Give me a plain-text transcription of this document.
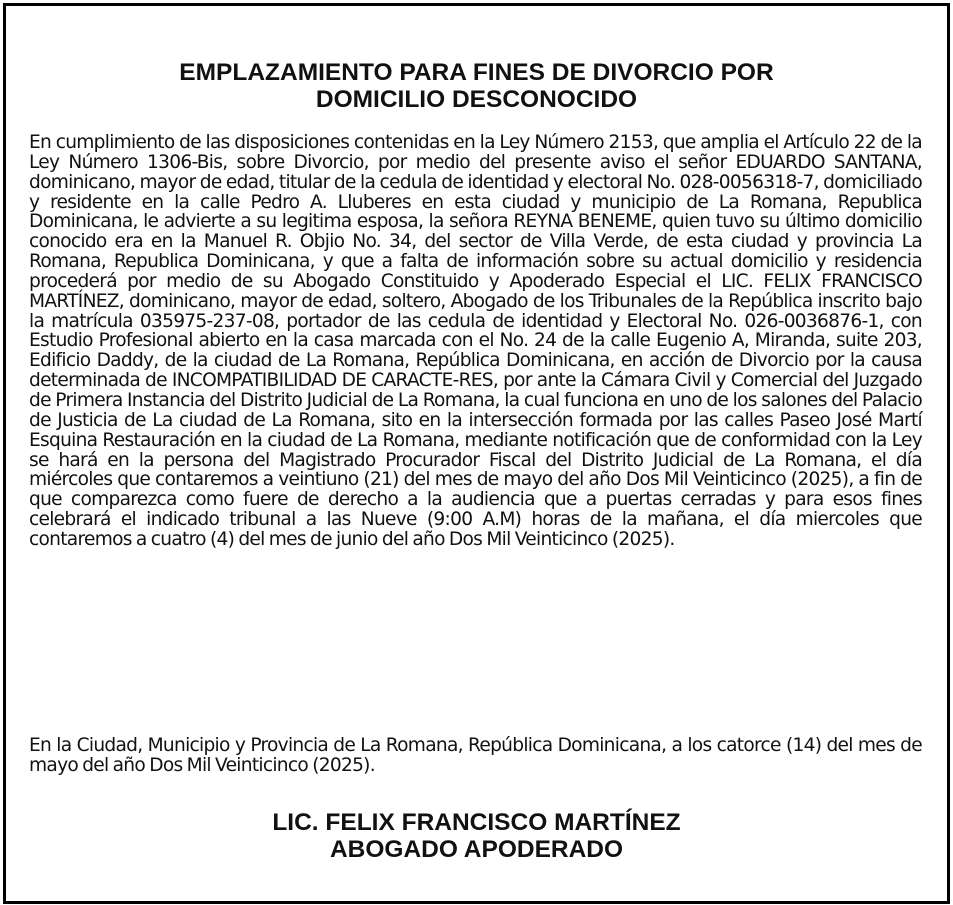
EMPLAZAMIENTO PARA FINES DE DIVORCIO POR
DOMICILIO DESCONOCIDO

En cumplimiento de las disposiciones contenidas en la Ley Número 2153, que amplia el Artículo 22 de la Ley Número 1306-Bis, sobre Divorcio, por medio del presente aviso el señor EDUARDO SANTANA, dominicano, mayor de edad, titular de la cedula de identidad y electoral No. 028-0056318-7, domiciliado y residente en la calle Pedro A. Lluberes en esta ciudad y municipio de La Romana, Republica Dominicana, le advierte a su legitima esposa, la señora REYNA BENEME, quien tuvo su último domicilio conocido era en la Manuel R. Objio No. 34, del sector de Villa Verde, de esta ciudad y provincia La Romana, Republica Dominicana, y que a falta de información sobre su actual domicilio y residencia procederá por medio de su Abogado Constituido y Apoderado Especial el LIC. FELIX FRANCISCO MARTÍNEZ, dominicano, mayor de edad, soltero, Abogado de los Tribunales de la República inscrito bajo la matrícula 035975-237-08, portador de las cedula de identidad y Electoral No. 026-0036876-1, con Estudio Profesional abierto en la casa marcada con el No. 24 de la calle Eugenio A, Miranda, suite 203, Edificio Daddy, de la ciudad de La Romana, República Dominicana, en acción de Divorcio por la causa determinada de INCOMPATIBILIDAD DE CARACTE-RES, por ante la Cámara Civil y Comercial del Juzgado de Primera Instancia del Distrito Judicial de La Romana, la cual funciona en uno de los salones del Palacio de Justicia de La ciudad de La Romana, sito en la intersección formada por las calles Paseo José Martí Esquina Restauración en la ciudad de La Romana, mediante notificación que de conformidad con la Ley se hará en la persona del Magistrado Procurador Fiscal del Distrito Judicial de La Romana, el día miércoles que contaremos a veintiuno (21) del mes de mayo del año Dos Mil Veinticinco (2025), a fin de que comparezca como fuere de derecho a la audiencia que a puertas cerradas y para esos fines celebrará el indicado tribunal a las Nueve (9:00 A.M) horas de la mañana, el día miercoles que contaremos a cuatro (4) del mes de junio del año Dos Mil Veinticinco (2025).

En la Ciudad, Municipio y Provincia de La Romana, República Dominicana, a los catorce (14) del mes de mayo del año Dos Mil Veinticinco (2025).

LIC. FELIX FRANCISCO MARTÍNEZ
ABOGADO APODERADO
